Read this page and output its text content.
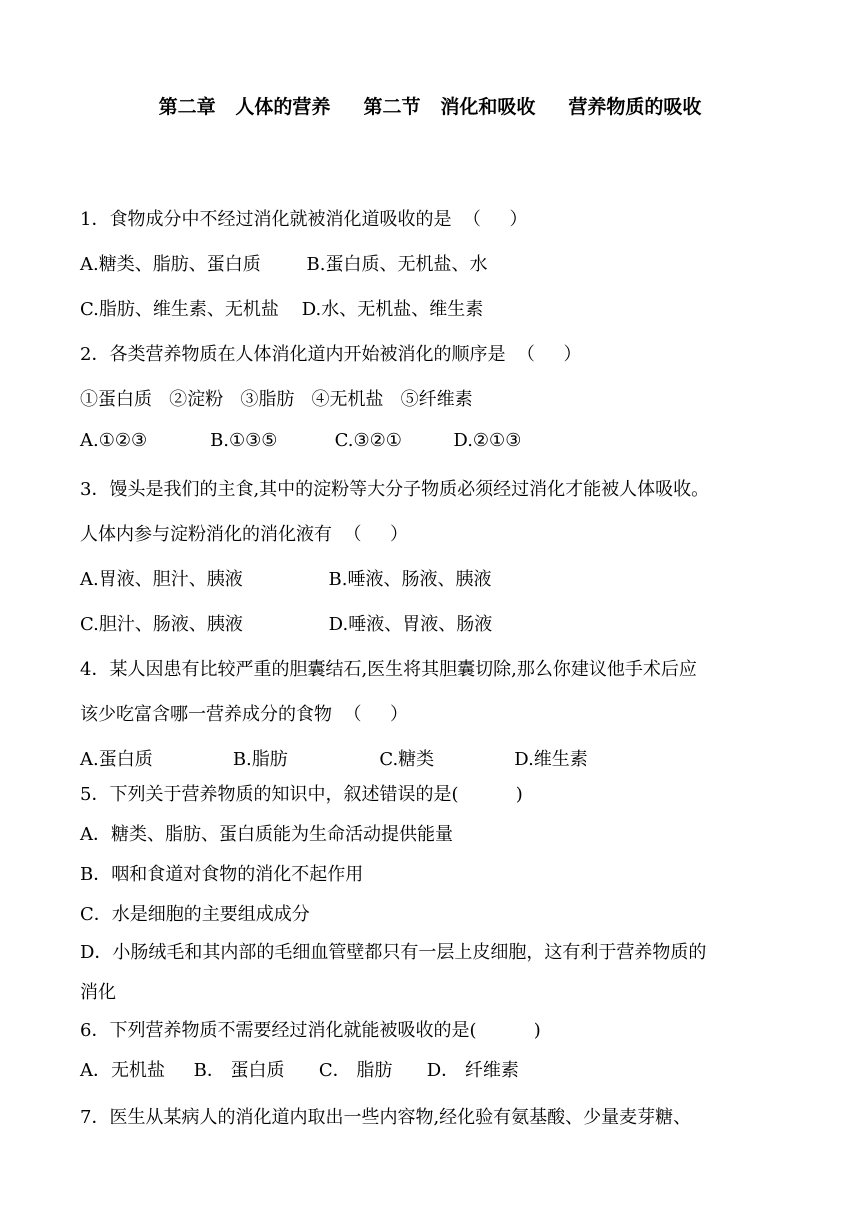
第二章   人体的营养     第二节   消化和吸收     营养物质的吸收
1．食物成分中不经过消化就被消化道吸收的是  （     ）
A.糖类、脂肪、蛋白质        B.蛋白质、无机盐、水
C.脂肪、维生素、无机盐    D.水、无机盐、维生素
2．各类营养物质在人体消化道内开始被消化的顺序是  （     ）
①蛋白质   ②淀粉   ③脂肪   ④无机盐   ⑤纤维素
A.①②③           B.①③⑤          C.③②①         D.②①③
3．馒头是我们的主食,其中的淀粉等大分子物质必须经过消化才能被人体吸收。
人体内参与淀粉消化的消化液有  （     ）
A.胃液、胆汁、胰液               B.唾液、肠液、胰液
C.胆汁、肠液、胰液               D.唾液、胃液、肠液
4．某人因患有比较严重的胆囊结石,医生将其胆囊切除,那么你建议他手术后应
该少吃富含哪一营养成分的食物  （     ）
A.蛋白质              B.脂肪                C.糖类              D.维生素
5．下列关于营养物质的知识中，叙述错误的是(          )
A．糖类、脂肪、蛋白质能为生命活动提供能量
B．咽和食道对食物的消化不起作用
C．水是细胞的主要组成成分
D．小肠绒毛和其内部的毛细血管壁都只有一层上皮细胞，这有利于营养物质的
消化
6．下列营养物质不需要经过消化就能被吸收的是(          )
A．无机盐     B． 蛋白质      C． 脂肪      D． 纤维素
7．医生从某病人的消化道内取出一些内容物,经化验有氨基酸、少量麦芽糖、
